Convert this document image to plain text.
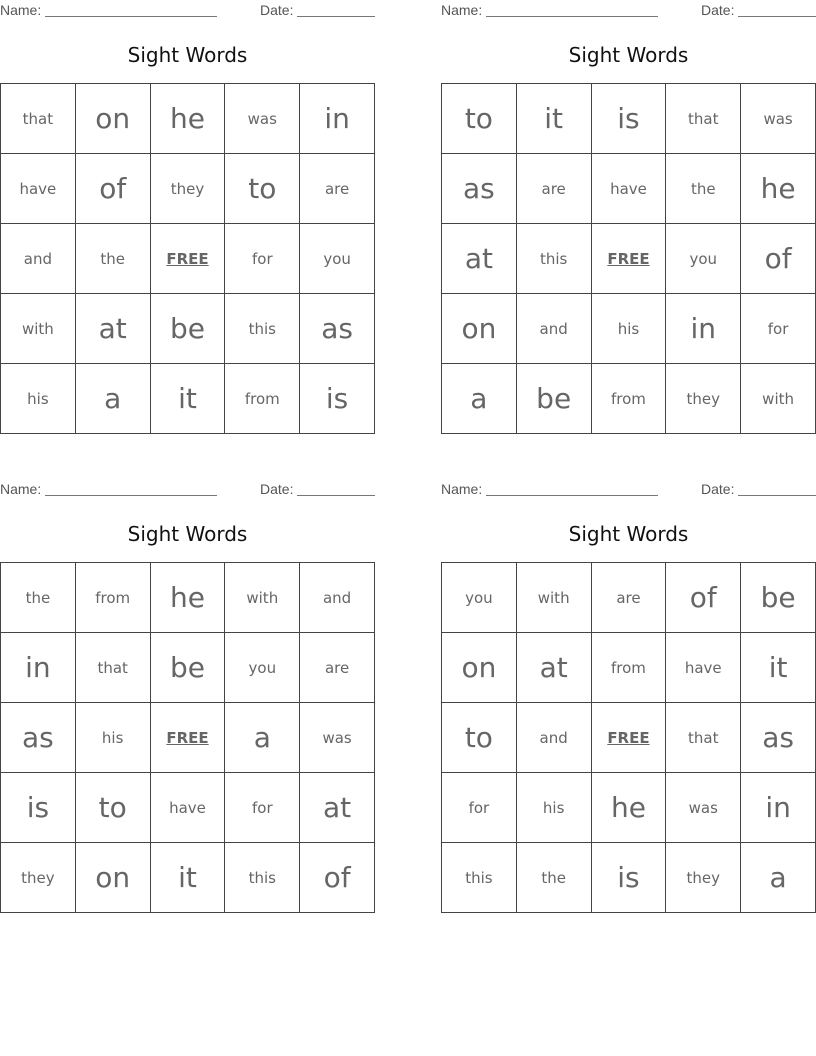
Name:	Date:
Sight Words
that	on	he	was	in
have	of	they	to	are
and	the	FREE	for	you
with	at	be	this	as
his	a	it	from	is
Name:	Date:
Sight Words
to	it	is	that	was
as	are	have	the	he
at	this	FREE	you	of
on	and	his	in	for
a	be	from	they	with
Name:	Date:
Sight Words
the	from	he	with	and
in	that	be	you	are
as	his	FREE	a	was
is	to	have	for	at
they	on	it	this	of
Name:	Date:
Sight Words
you	with	are	of	be
on	at	from	have	it
to	and	FREE	that	as
for	his	he	was	in
this	the	is	they	a
